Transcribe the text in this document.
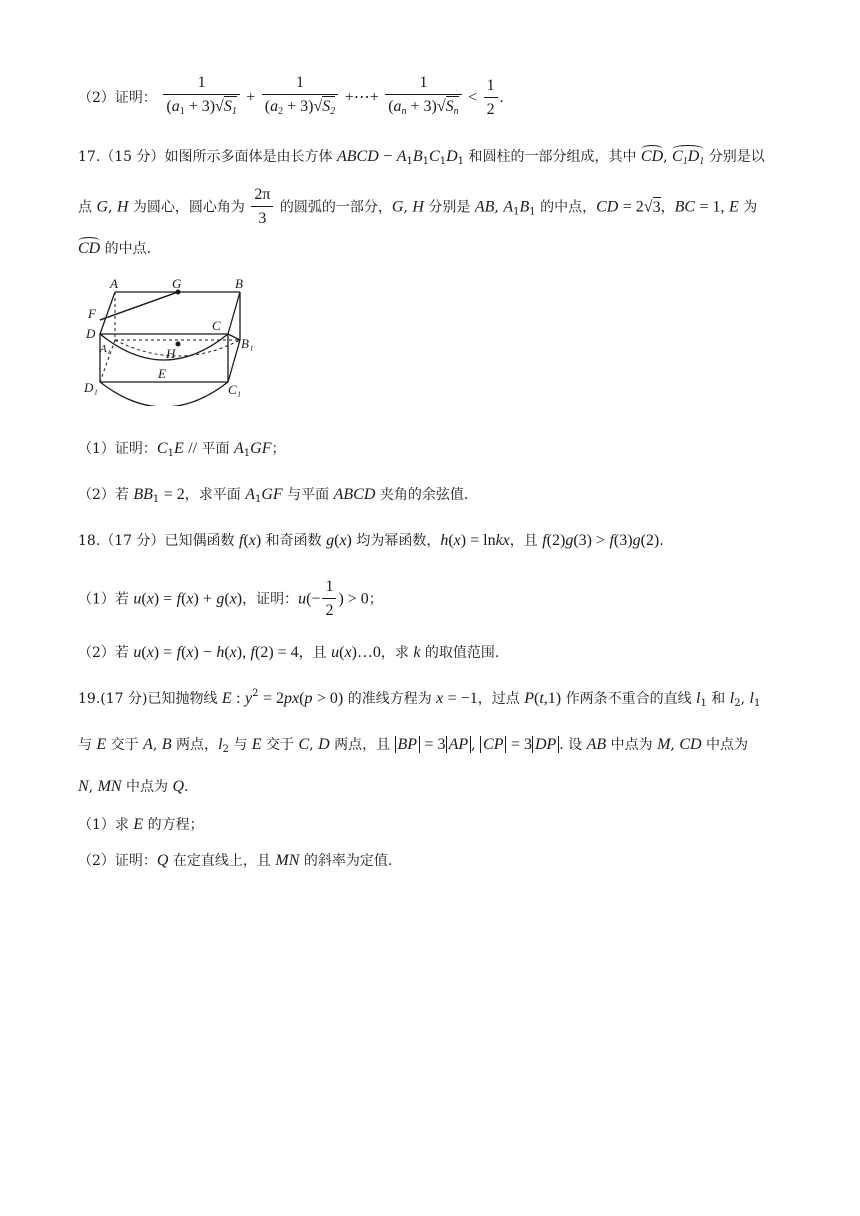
（2）证明： $\frac{1}{(a_1 + 3)√S_1} + \frac{1}{(a_2 + 3)√S_2}$ +⋯+ $\frac{1}{(a_n + 3)√S_n} < \frac{1}{2}$ .
17.（15 分）如图所示多面体是由长方体 ABCD − $A_1B_1C_1D_1$ 和圆柱的一部分组成，其中 CD, $C_1D_1$ 分别是以
点 G, H 为圆心，圆心角为 $\frac{2\pi}{3}$ 的圆弧的一部分，G, H 分别是 AB, $A_1B_1$ 的中点，CD = 2√3，BC = 1, E 为
CD 的中点.
A	G	B
F
D
C
A₁	H
B₁
E
D₁	C₁
（1）证明：$C_1E$ // 平面 $A_1GF$；
（2）若 $BB_1 = 2$，求平面 $A_1GF$ 与平面 ABCD 夹角的余弦值.
18.（17 分）已知偶函数 f(x) 和奇函数 g(x) 均为幂函数，h(x) = lnkx，且 f(2)g(3) > f(3)g(2).
（1）若 u(x) = f(x) + g(x)，证明：$u(- \frac{1}{2}$ ) > 0；
（2）若 u(x) = f(x) − h(x), f(2) = 4，且 u(x)…0，求 k 的取值范围.
19.(17 分)已知抛物线 E : $y^2 = 2px(p > 0)$ 的准线方程为 x = −1，过点 P(t,1) 作两条不重合的直线 $l_1$ 和 $l_2$, $l_1$
与 E 交于 A, B 两点，$l_2$ 与 E 交于 C, D 两点，且 BP = 3 AP , CP = 3 DP . 设 AB 中点为 M, CD 中点为
N, MN 中点为 Q.
（1）求 E 的方程；
（2）证明：Q 在定直线上，且 MN 的斜率为定值.
